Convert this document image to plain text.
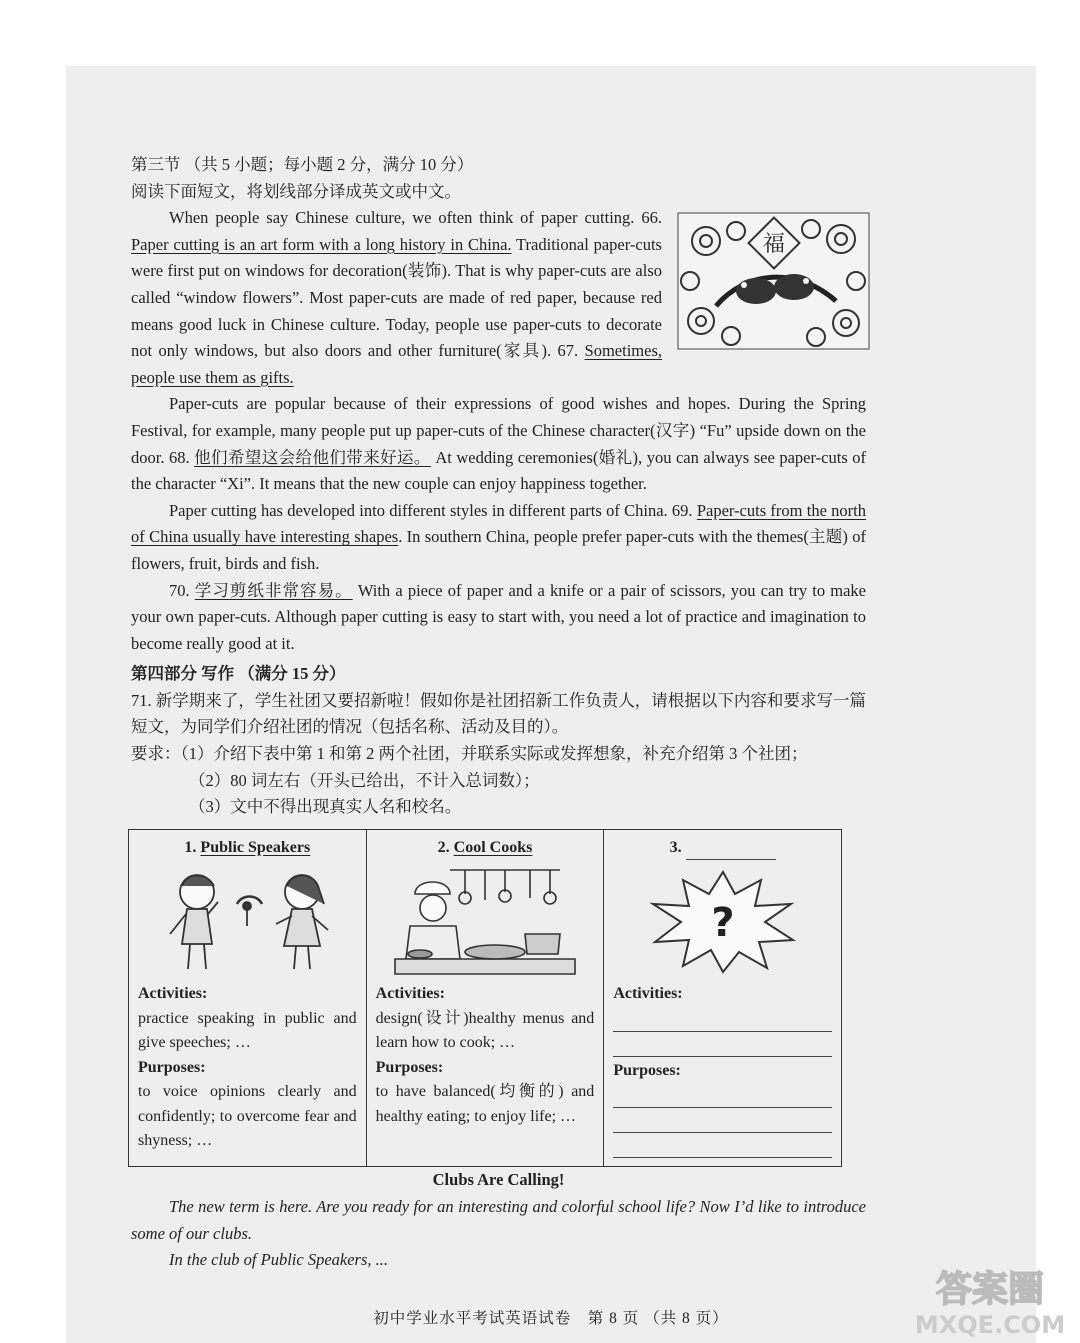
第三节 （共 5 小题；每小题 2 分，满分 10 分）

阅读下面短文，将划线部分译成英文或中文。

福

When people say Chinese culture, we often think of paper cutting. 66. Paper cutting is an art form with a long history in China. Traditional paper-cuts were first put on windows for decoration(装饰). That is why paper-cuts are also called “window flowers”. Most paper-cuts are made of red paper, because red means good luck in Chinese culture. Today, people use paper-cuts to decorate not only windows, but also doors and other furniture(家具). 67. Sometimes, people use them as gifts.

Paper-cuts are popular because of their expressions of good wishes and hopes. During the Spring Festival, for example, many people put up paper-cuts of the Chinese character(汉字) “Fu” upside down on the door. 68. 他们希望这会给他们带来好运。 At wedding ceremonies(婚礼), you can always see paper-cuts of the character “Xi”. It means that the new couple can enjoy happiness together.

Paper cutting has developed into different styles in different parts of China. 69. Paper-cuts from the north of China usually have interesting shapes. In southern China, people prefer paper-cuts with the themes(主题) of flowers, fruit, birds and fish.

70. 学习剪纸非常容易。 With a piece of paper and a knife or a pair of scissors, you can try to make your own paper-cuts. Although paper cutting is easy to start with, you need a lot of practice and imagination to become really good at it.

第四部分 写作 （满分 15 分）

71. 新学期来了，学生社团又要招新啦！假如你是社团招新工作负责人，请根据以下内容和要求写一篇短文，为同学们介绍社团的情况（包括名称、活动及目的）。

要求：（1）介绍下表中第 1 和第 2 两个社团，并联系实际或发挥想象，补充介绍第 3 个社团；

（2）80 词左右（开头已给出，不计入总词数）；

（3）文中不得出现真实人名和校名。

1. Public Speakers
Activities:
practice speaking in public and give speeches; …
Purposes:
to voice opinions clearly and confidently; to overcome fear and shyness; …

2. Cool Cooks
Activities:
design(设计)healthy menus and learn how to cook; …
Purposes:
to have balanced(均衡的) and healthy eating; to enjoy life; …

3.
?
Activities:
Purposes:

Clubs Are Calling!

The new term is here. Are you ready for an interesting and colorful school life? Now I’d like to introduce some of our clubs.

In the club of Public Speakers, ...

初中学业水平考试英语试卷　第 8 页 （共 8 页）
答案圈
MXQE.COM
